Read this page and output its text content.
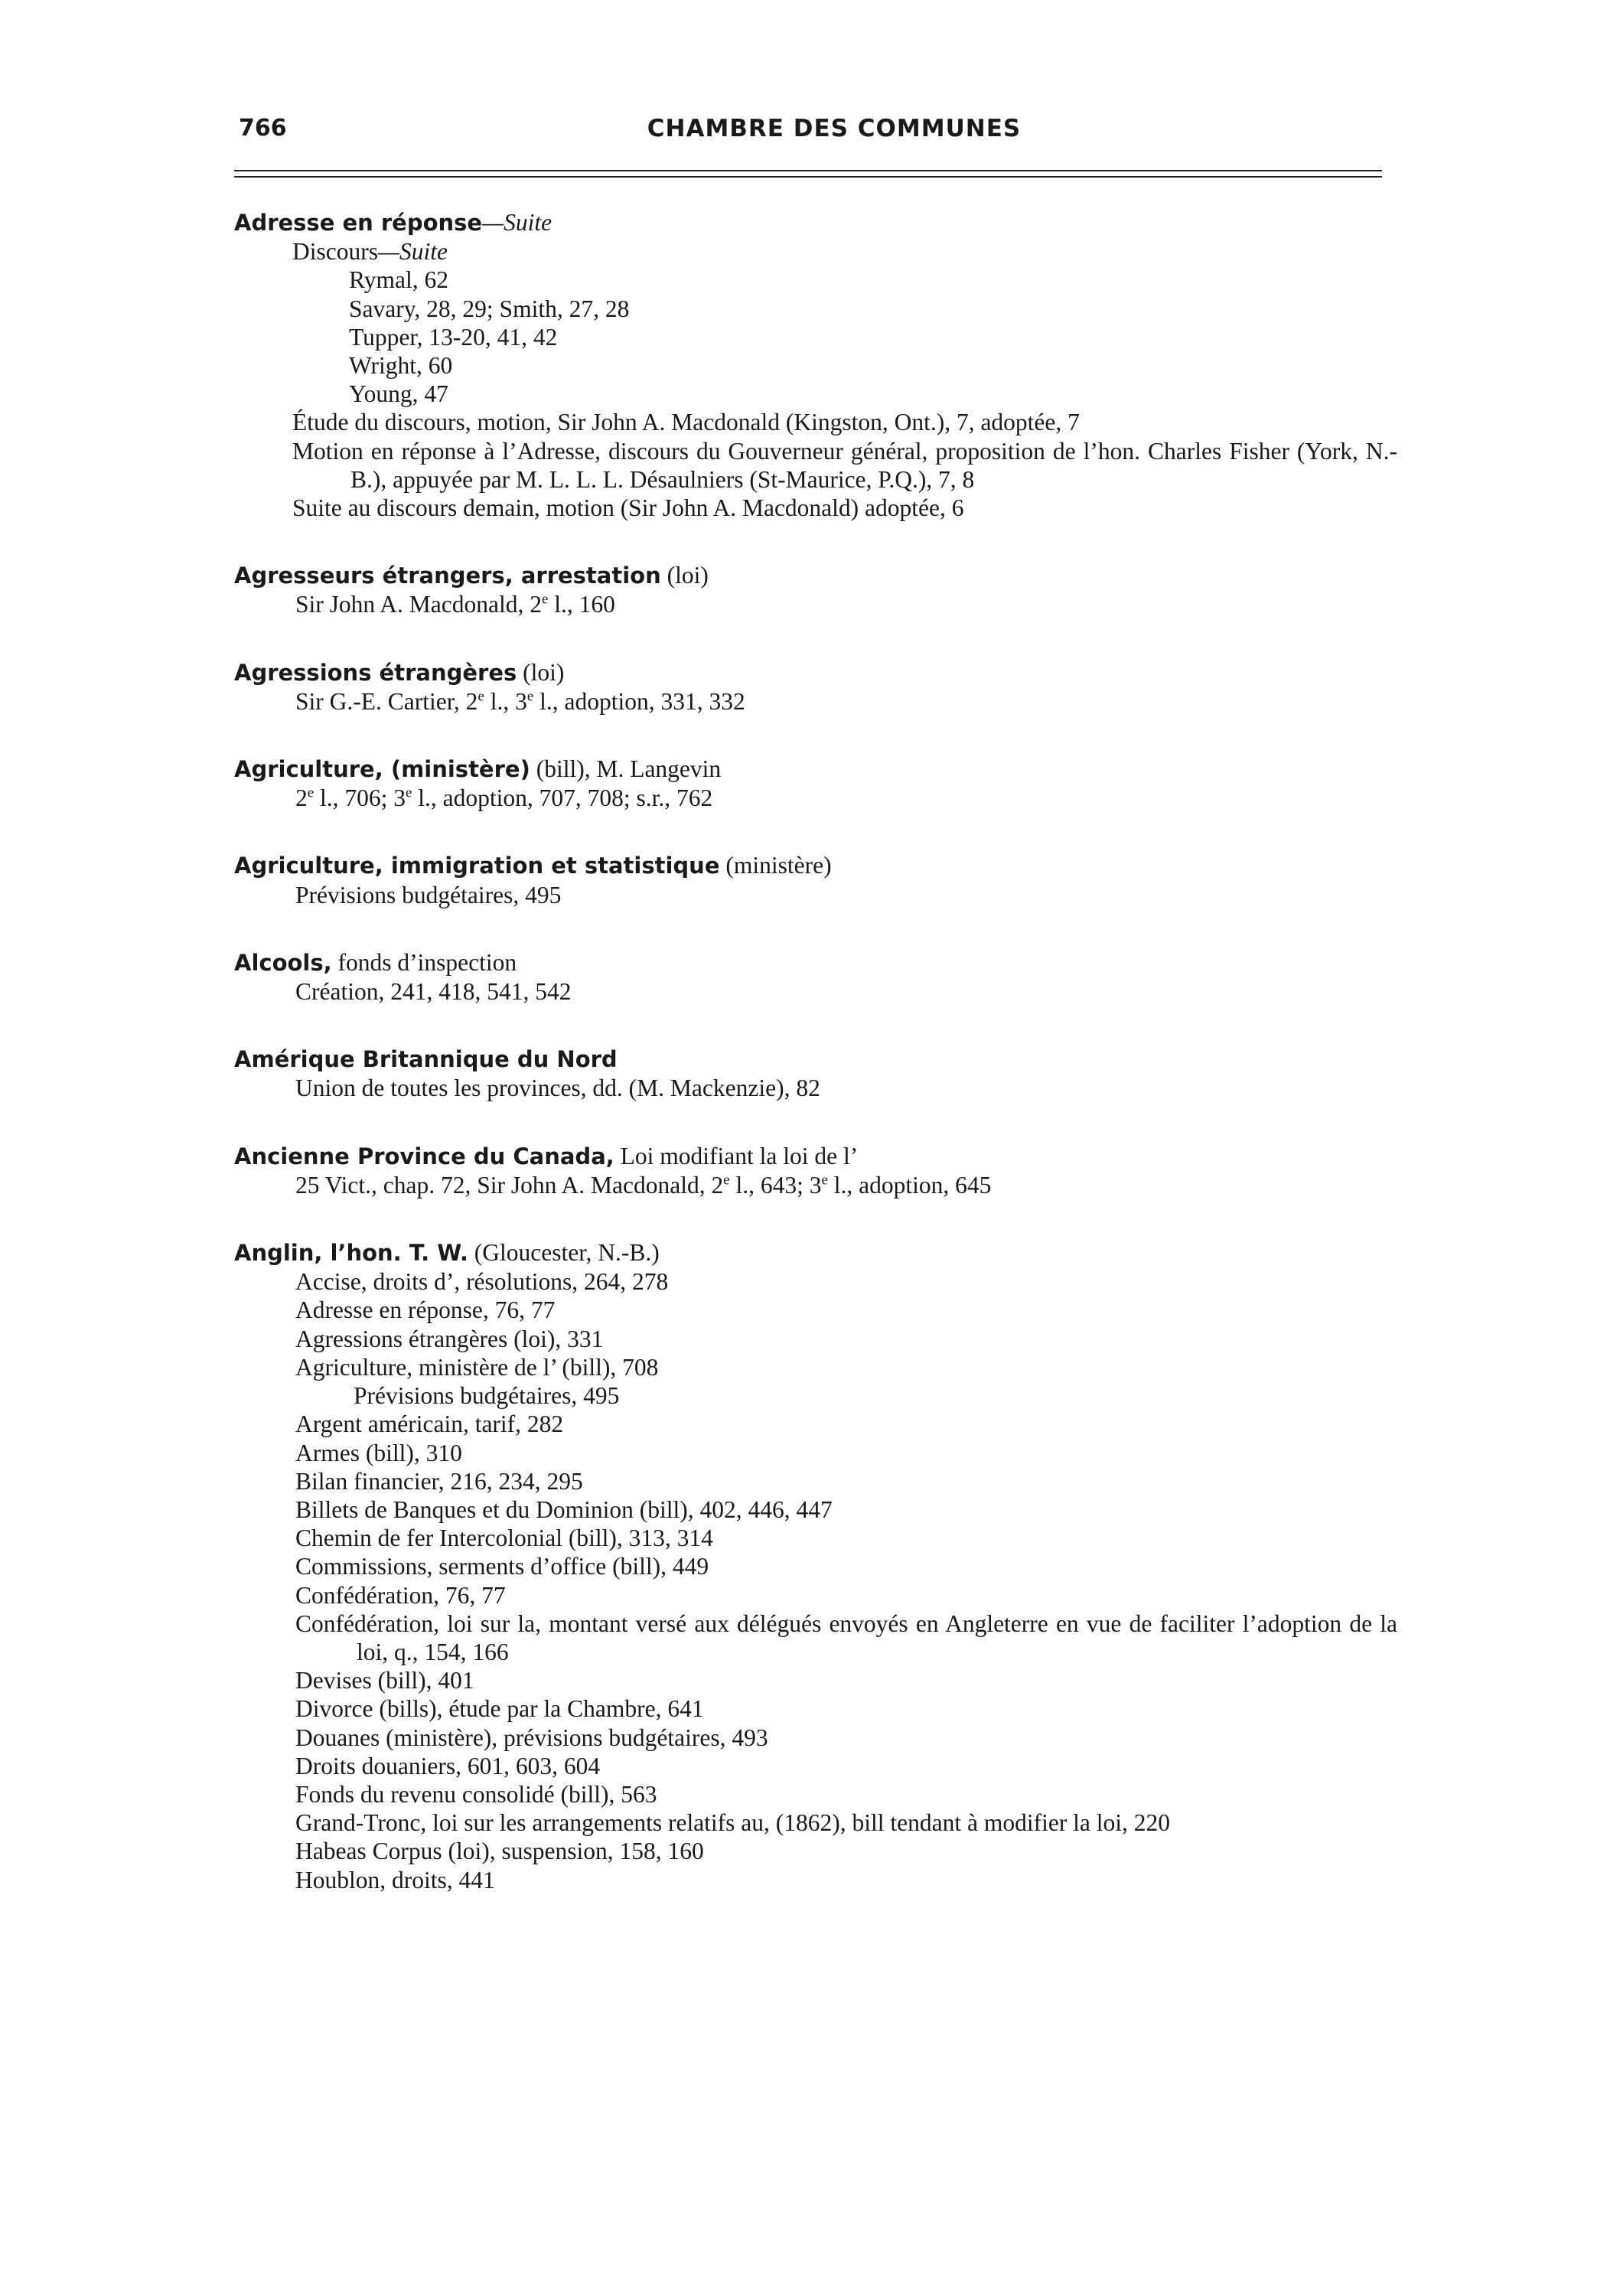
766	CHAMBRE DES COMMUNES
Adresse en réponse—Suite
Discours—Suite
Rymal, 62
Savary, 28, 29; Smith, 27, 28
Tupper, 13-20, 41, 42
Wright, 60
Young, 47
Étude du discours, motion, Sir John A. Macdonald (Kingston, Ont.), 7, adoptée, 7
Motion en réponse à l’Adresse, discours du Gouverneur général, proposition de l’hon. Charles Fisher (York, N.-B.), appuyée par M. L. L. L. Désaulniers (St-Maurice, P.Q.), 7, 8
Suite au discours demain, motion (Sir John A. Macdonald) adoptée, 6
Agresseurs étrangers, arrestation (loi)
Sir John A. Macdonald, 2e l., 160
Agressions étrangères (loi)
Sir G.-E. Cartier, 2e l., 3e l., adoption, 331, 332
Agriculture, (ministère) (bill), M. Langevin
2e l., 706; 3e l., adoption, 707, 708; s.r., 762
Agriculture, immigration et statistique (ministère)
Prévisions budgétaires, 495
Alcools, fonds d’inspection
Création, 241, 418, 541, 542
Amérique Britannique du Nord
Union de toutes les provinces, dd. (M. Mackenzie), 82
Ancienne Province du Canada, Loi modifiant la loi de l’
25 Vict., chap. 72, Sir John A. Macdonald, 2e l., 643; 3e l., adoption, 645
Anglin, l’hon. T. W. (Gloucester, N.-B.)
Accise, droits d’, résolutions, 264, 278
Adresse en réponse, 76, 77
Agressions étrangères (loi), 331
Agriculture, ministère de l’ (bill), 708
Prévisions budgétaires, 495
Argent américain, tarif, 282
Armes (bill), 310
Bilan financier, 216, 234, 295
Billets de Banques et du Dominion (bill), 402, 446, 447
Chemin de fer Intercolonial (bill), 313, 314
Commissions, serments d’office (bill), 449
Confédération, 76, 77
Confédération, loi sur la, montant versé aux délégués envoyés en Angleterre en vue de faciliter l’adoption de la loi, q., 154, 166
Devises (bill), 401
Divorce (bills), étude par la Chambre, 641
Douanes (ministère), prévisions budgétaires, 493
Droits douaniers, 601, 603, 604
Fonds du revenu consolidé (bill), 563
Grand-Tronc, loi sur les arrangements relatifs au, (1862), bill tendant à modifier la loi, 220
Habeas Corpus (loi), suspension, 158, 160
Houblon, droits, 441
